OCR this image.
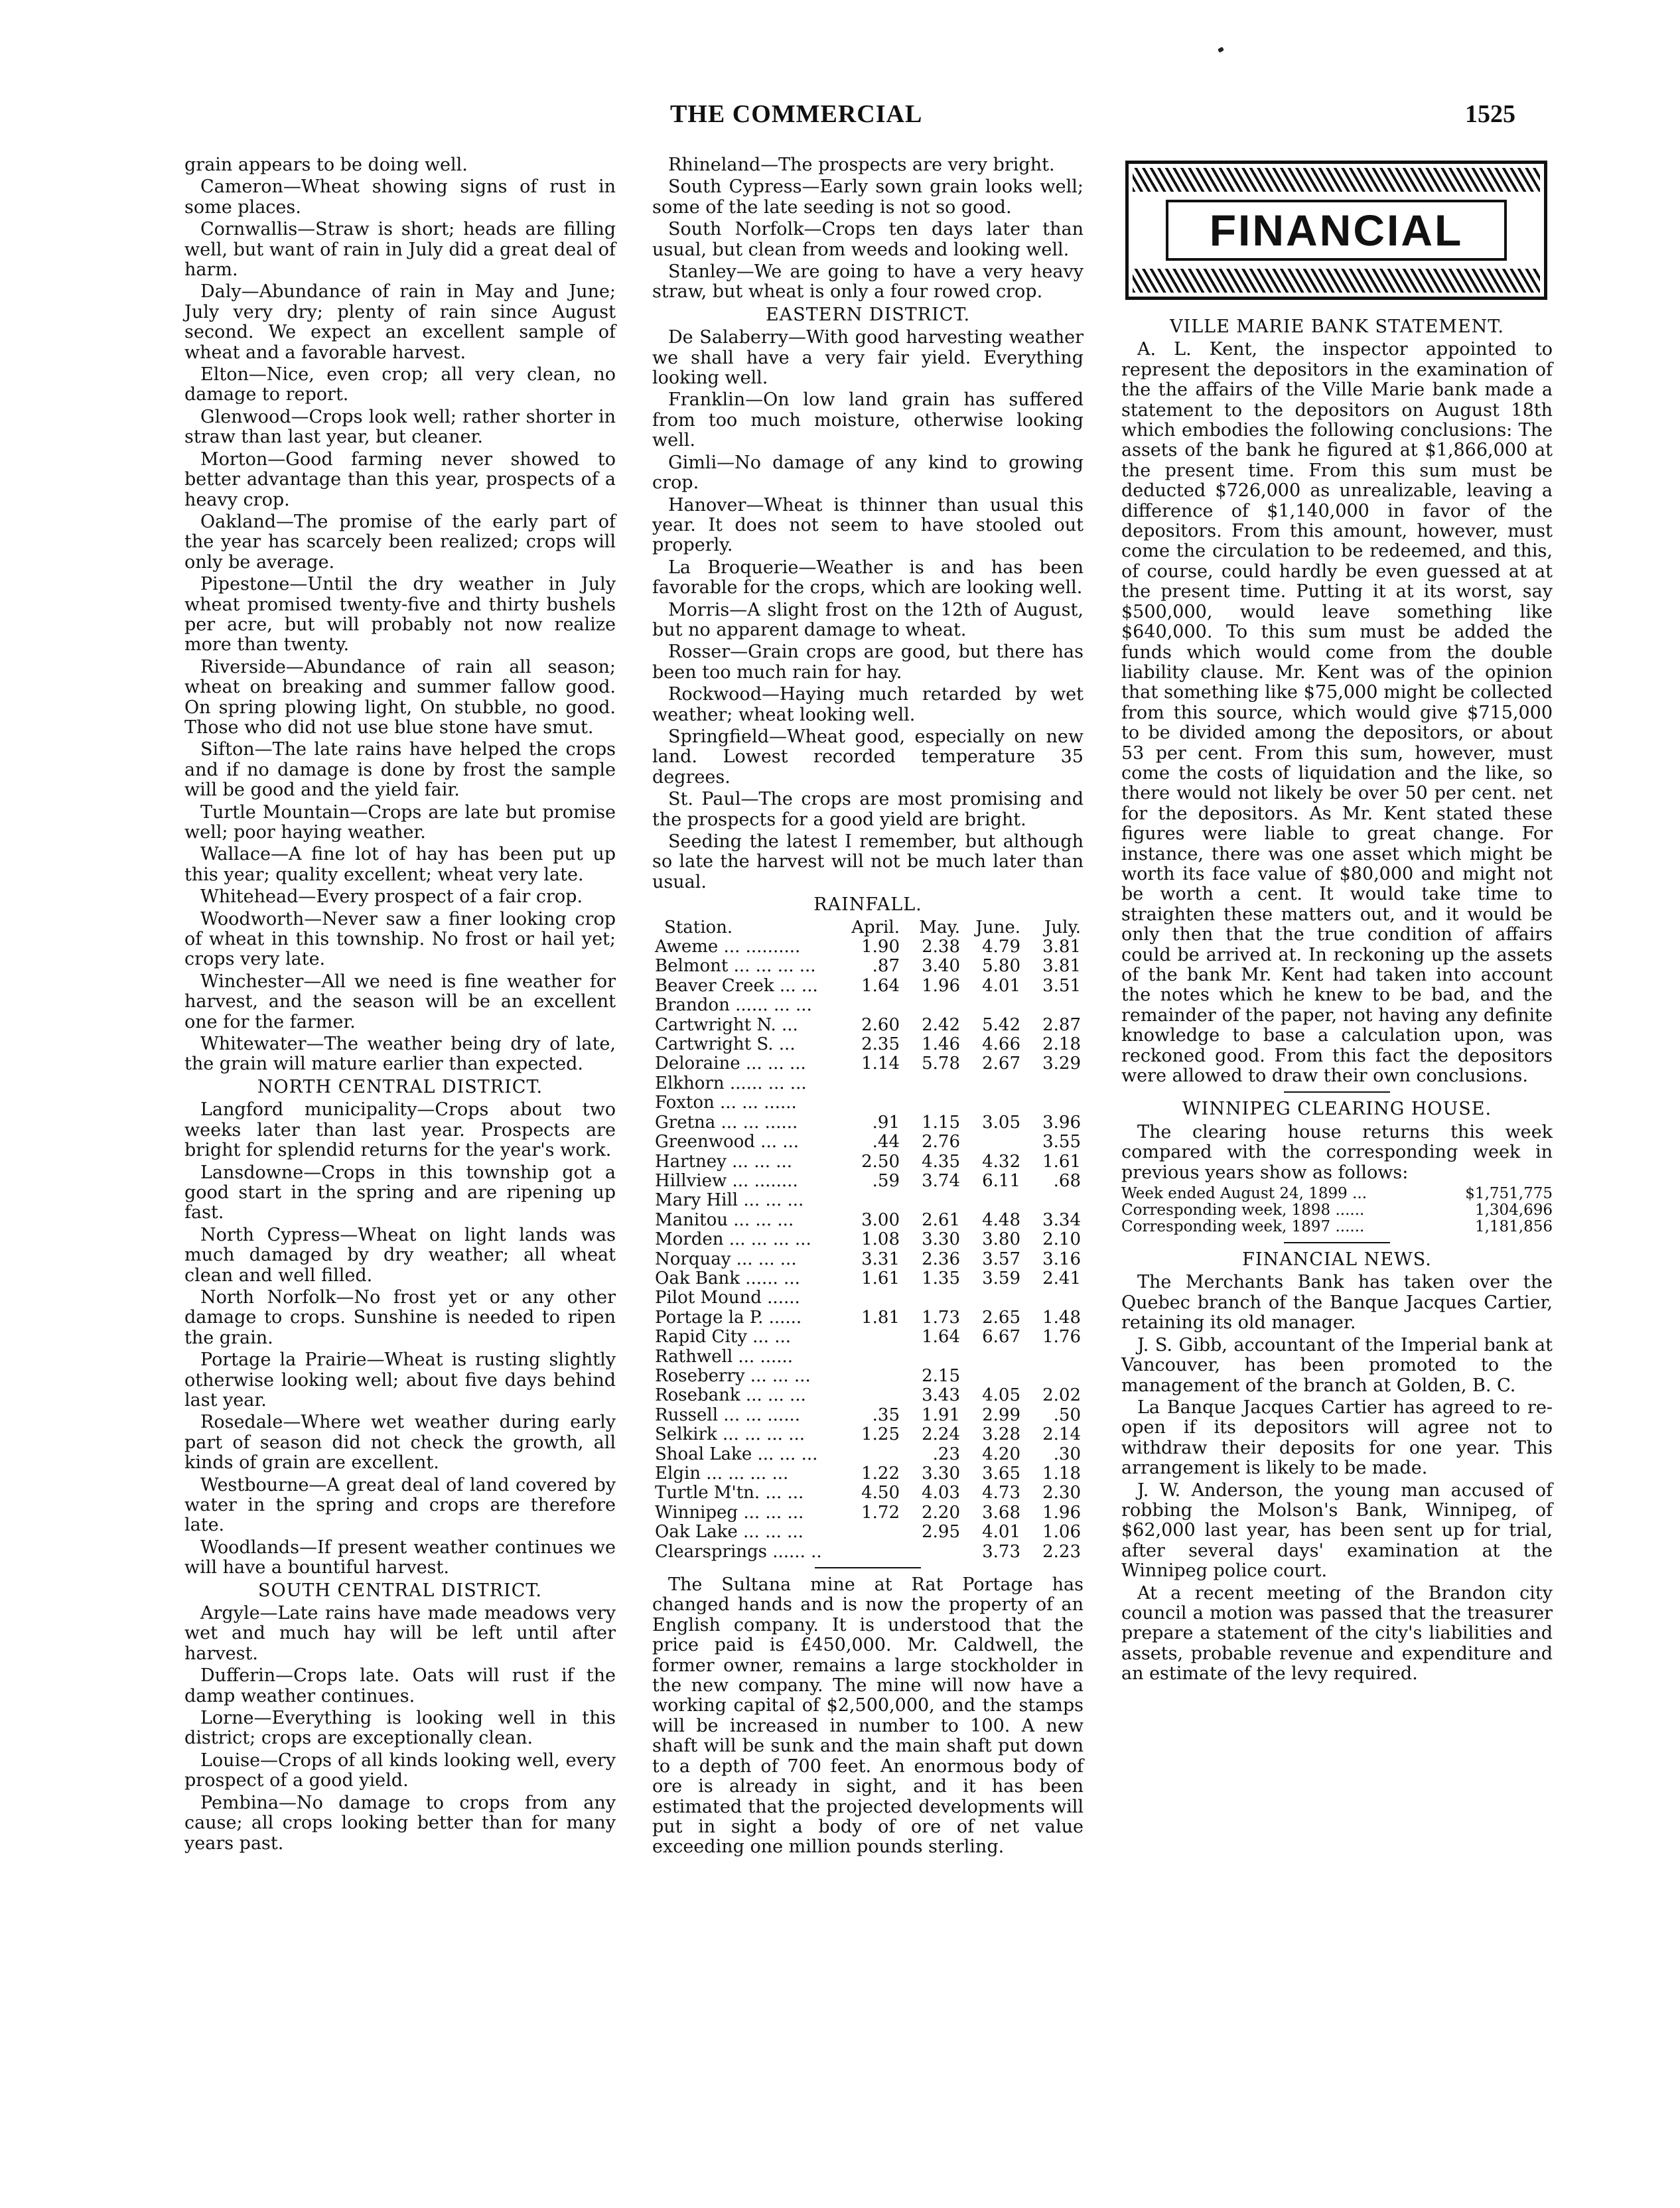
THE COMMERCIAL	1525

grain appears to be doing well.

Cameron—Wheat showing signs of rust in some places.

Cornwallis—Straw is short; heads are filling well, but want of rain in July did a great deal of harm.

Daly—Abundance of rain in May and June; July very dry; plenty of rain since August second. We expect an excellent sample of wheat and a favorable harvest.

Elton—Nice, even crop; all very clean, no damage to report.

Glenwood—Crops look well; rather shorter in straw than last year, but cleaner.

Morton—Good farming never showed to better advantage than this year, prospects of a heavy crop.

Oakland—The promise of the early part of the year has scarcely been realized; crops will only be average.

Pipestone—Until the dry weather in July wheat promised twenty-five and thirty bushels per acre, but will probably not now realize more than twenty.

Riverside—Abundance of rain all season; wheat on breaking and summer fallow good. On spring plowing light, On stubble, no good. Those who did not use blue stone have smut.

Sifton—The late rains have helped the crops and if no damage is done by frost the sample will be good and the yield fair.

Turtle Mountain—Crops are late but promise well; poor haying weather.

Wallace—A fine lot of hay has been put up this year; quality excellent; wheat very late.

Whitehead—Every prospect of a fair crop.

Woodworth—Never saw a finer looking crop of wheat in this township. No frost or hail yet; crops very late.

Winchester—All we need is fine weather for harvest, and the season will be an excellent one for the farmer.

Whitewater—The weather being dry of late, the grain will mature earlier than expected.

NORTH CENTRAL DISTRICT.

Langford municipality—Crops about two weeks later than last year. Prospects are bright for splendid returns for the year's work.

Lansdowne—Crops in this township got a good start in the spring and are ripening up fast.

North Cypress—Wheat on light lands was much damaged by dry weather; all wheat clean and well filled.

North Norfolk—No frost yet or any other damage to crops. Sunshine is needed to ripen the grain.

Portage la Prairie—Wheat is rusting slightly otherwise looking well; about five days behind last year.

Rosedale—Where wet weather during early part of season did not check the growth, all kinds of grain are excellent.

Westbourne—A great deal of land covered by water in the spring and crops are therefore late.

Woodlands—If present weather continues we will have a bountiful harvest.

SOUTH CENTRAL DISTRICT.

Argyle—Late rains have made meadows very wet and much hay will be left until after harvest.

Dufferin—Crops late. Oats will rust if the damp weather continues.

Lorne—Everything is looking well in this district; crops are exceptionally clean.

Louise—Crops of all kinds looking well, every prospect of a good yield.

Pembina—No damage to crops from any cause; all crops looking better than for many years past.

Rhineland—The prospects are very bright.

South Cypress—Early sown grain looks well; some of the late seeding is not so good.

South Norfolk—Crops ten days later than usual, but clean from weeds and looking well.

Stanley—We are going to have a very heavy straw, but wheat is only a four rowed crop.

EASTERN DISTRICT.

De Salaberry—With good harvesting weather we shall have a very fair yield. Everything looking well.

Franklin—On low land grain has suffered from too much moisture, otherwise looking well.

Gimli—No damage of any kind to growing crop.

Hanover—Wheat is thinner than usual this year. It does not seem to have stooled out properly.

La Broquerie—Weather is and has been favorable for the crops, which are looking well.

Morris—A slight frost on the 12th of August, but no apparent damage to wheat.

Rosser—Grain crops are good, but there has been too much rain for hay.

Rockwood—Haying much retarded by wet weather; wheat looking well.

Springfield—Wheat good, especially on new land. Lowest recorded temperature 35 degrees.

St. Paul—The crops are most promising and the prospects for a good yield are bright.

Seeding the latest I remember, but although so late the harvest will not be much later than usual.

RAINFALL.
Station.	April.	May.	June.	July.
Aweme ... ..........	1.90	2.38	4.79	3.81
Belmont ... ... ... ...	.87	3.40	5.80	3.81
Beaver Creek ... ...	1.64	1.96	4.01	3.51
Brandon ...... ... ...				
Cartwright N. ...	2.60	2.42	5.42	2.87
Cartwright S. ...	2.35	1.46	4.66	2.18
Deloraine ... ... ...	1.14	5.78	2.67	3.29
Elkhorn ...... ... ...				
Foxton ... ... ......				
Gretna ... ... ......	.91	1.15	3.05	3.96
Greenwood ... ...	.44	2.76		3.55
Hartney ... ... ...	2.50	4.35	4.32	1.61
Hillview ... ........	.59	3.74	6.11	.68
Mary Hill ... ... ...				
Manitou ... ... ...	3.00	2.61	4.48	3.34
Morden ... ... ... ...	1.08	3.30	3.80	2.10
Norquay ... ... ...	3.31	2.36	3.57	3.16
Oak Bank ...... ...	1.61	1.35	3.59	2.41
Pilot Mound ......				
Portage la P. ......	1.81	1.73	2.65	1.48
Rapid City ... ...		1.64	6.67	1.76
Rathwell ... ......				
Roseberry ... ... ...		2.15		
Rosebank ... ... ...		3.43	4.05	2.02
Russell ... ... ......	.35	1.91	2.99	.50
Selkirk ... ... ... ...	1.25	2.24	3.28	2.14
Shoal Lake ... ... ...		.23	4.20	.30
Elgin ... ... ... ...	1.22	3.30	3.65	1.18
Turtle M'tn. ... ...	4.50	4.03	4.73	2.30
Winnipeg ... ... ...	1.72	2.20	3.68	1.96
Oak Lake ... ... ...		2.95	4.01	1.06
Clearsprings ...... ..			3.73	2.23

The Sultana mine at Rat Portage has changed hands and is now the property of an English company. It is understood that the price paid is £450,000. Mr. Caldwell, the former owner, remains a large stockholder in the new company. The mine will now have a working capital of $2,500,000, and the stamps will be increased in number to 100. A new shaft will be sunk and the main shaft put down to a depth of 700 feet. An enormous body of ore is already in sight, and it has been estimated that the projected developments will put in sight a body of ore of net value exceeding one million pounds sterling.

FINANCIAL
VILLE MARIE BANK STATEMENT.

A. L. Kent, the inspector appointed to represent the depositors in the examination of the the affairs of the Ville Marie bank made a statement to the depositors on August 18th which embodies the following conclusions: The assets of the bank he figured at $1,866,000 at the present time. From this sum must be deducted $726,000 as unrealizable, leaving a difference of $1,140,000 in favor of the depositors. From this amount, however, must come the circulation to be redeemed, and this, of course, could hardly be even guessed at at the present time. Putting it at its worst, say $500,000, would leave something like $640,000. To this sum must be added the funds which would come from the double liability clause. Mr. Kent was of the opinion that something like $75,000 might be collected from this source, which would give $715,000 to be divided among the depositors, or about 53 per cent. From this sum, however, must come the costs of liquidation and the like, so there would not likely be over 50 per cent. net for the depositors. As Mr. Kent stated these figures were liable to great change. For instance, there was one asset which might be worth its face value of $80,000 and might not be worth a cent. It would take time to straighten these matters out, and it would be only then that the true condition of affairs could be arrived at. In reckoning up the assets of the bank Mr. Kent had taken into account the notes which he knew to be bad, and the remainder of the paper, not having any definite knowledge to base a calculation upon, was reckoned good. From this fact the depositors were allowed to draw their own conclusions.

WINNIPEG CLEARING HOUSE.

The clearing house returns this week compared with the corresponding week in previous years show as follows:

Week ended August 24, 1899 ...	$1,751,775
Corresponding week, 1898 ......	1,304,696
Corresponding week, 1897 ......	1,181,856
FINANCIAL NEWS.

The Merchants Bank has taken over the Quebec branch of the Banque Jacques Cartier, retaining its old manager.

J. S. Gibb, accountant of the Imperial bank at Vancouver, has been promoted to the management of the branch at Golden, B. C.

La Banque Jacques Cartier has agreed to re-open if its depositors will agree not to withdraw their deposits for one year. This arrangement is likely to be made.

J. W. Anderson, the young man accused of robbing the Molson's Bank, Winnipeg, of $62,000 last year, has been sent up for trial, after several days' examination at the Winnipeg police court.

At a recent meeting of the Brandon city council a motion was passed that the treasurer prepare a statement of the city's liabilities and assets, probable revenue and expenditure and an estimate of the levy required.
